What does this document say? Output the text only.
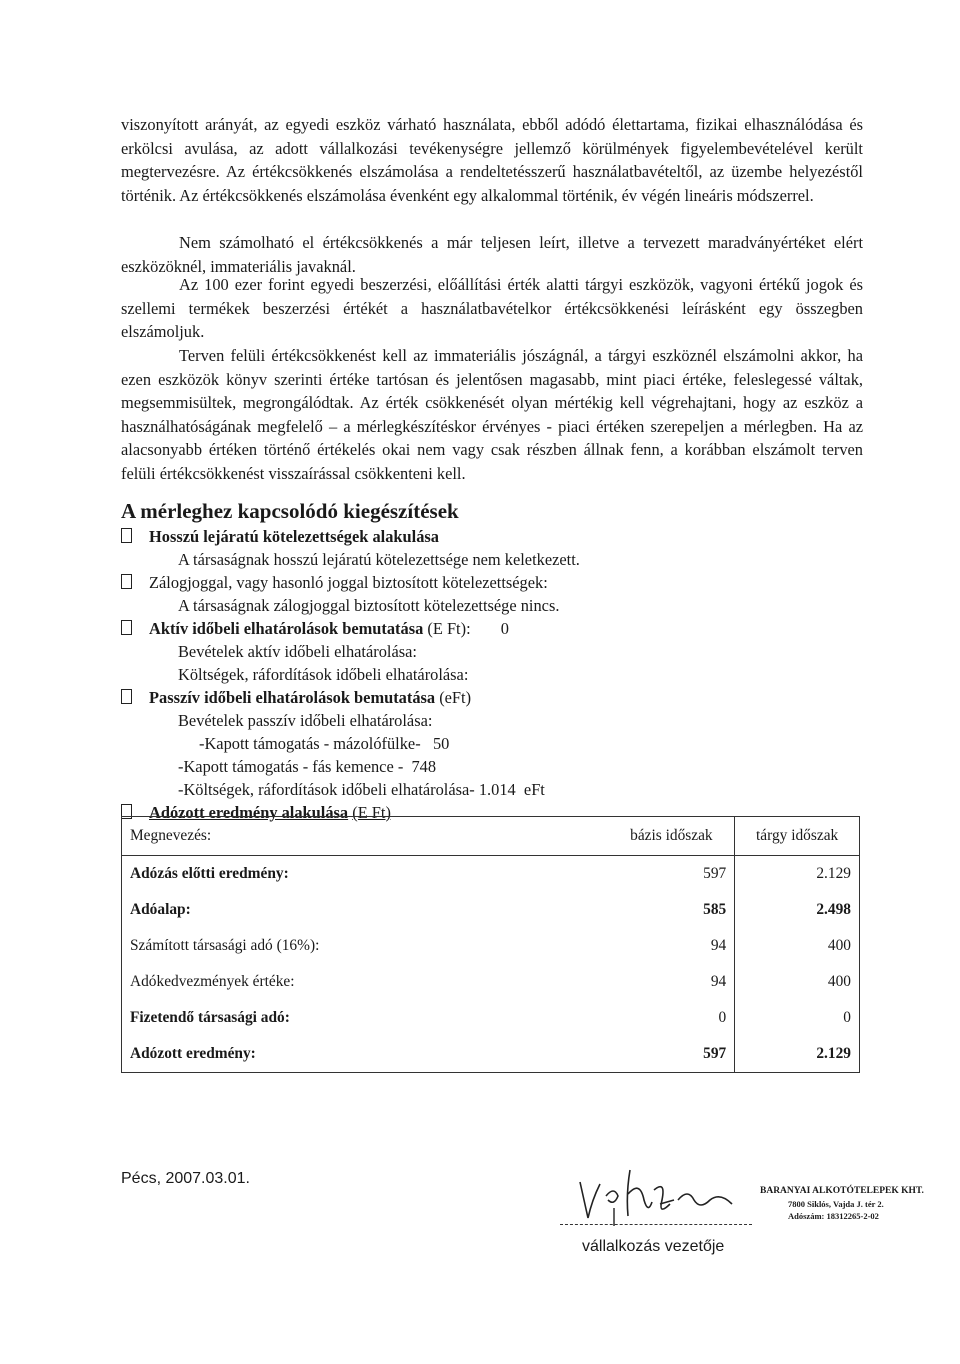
viszonyított arányát, az egyedi eszköz várható használata, ebből adódó élettartama, fizikai elhasználódása és erkölcsi avulása, az adott vállalkozási tevékenységre jellemző körülmények figyelembevételével került megtervezésre. Az értékcsökkenés elszámolása a rendeltetésszerű használatbavételtől, az üzembe helyezéstől történik. Az értékcsökkenés elszámolása évenként egy alkalommal történik, év végén lineáris módszerrel.

Nem számolható el értékcsökkenés a már teljesen leírt, illetve a tervezett maradványértéket elért eszközöknél, immateriális javaknál.

Az 100 ezer forint egyedi beszerzési, előállítási érték alatti tárgyi eszközök, vagyoni értékű jogok és szellemi termékek beszerzési értékét a használatbavételkor értékcsökkenési leírásként egy összegben elszámoljuk.

Terven felüli értékcsökkenést kell az immateriális jószágnál, a tárgyi eszköznél elszámolni akkor, ha ezen eszközök könyv szerinti értéke tartósan és jelentősen magasabb, mint piaci értéke, feleslegessé váltak, megsemmisültek, megrongálódtak. Az érték csökkenését olyan mértékig kell végrehajtani, hogy az eszköz a használhatóságának megfelelő – a mérlegkészítéskor érvényes - piaci értéken szerepeljen a mérlegben. Ha az alacsonyabb értéken történő értékelés okai nem vagy csak részben állnak fenn, a korábban elszámolt terven felüli értékcsökkenést visszaírással csökkenteni kell.

A mérleghez kapcsolódó kiegészítések
Hosszú lejáratú kötelezettségek alakulása
A társaságnak hosszú lejáratú kötelezettsége nem keletkezett.
Zálogjoggal, vagy hasonló joggal biztosított kötelezettségek:
A társaságnak zálogjoggal biztosított kötelezettsége nincs.
Aktív időbeli elhatárolások bemutatása (E Ft): 0
Bevételek aktív időbeli elhatárolása:
Költségek, ráfordítások időbeli elhatárolása:
Passzív időbeli elhatárolások bemutatása (eFt)
Bevételek passzív időbeli elhatárolása:
-Kapott támogatás - mázolófülke-   50
-Kapott támogatás - fás kemence -  748
-Költségek, ráfordítások időbeli elhatárolása- 1.014  eFt
Adózott eredmény alakulása (E Ft)
Megnevezés:	bázis időszak	tárgy időszak
Adózás előtti eredmény:	597	2.129
Adóalap:	585	2.498
Számított társasági adó (16%):	94	400
Adókedvezmények értéke:	94	400
Fizetendő társasági adó:	0	0
Adózott eredmény:	597	2.129
Pécs, 2007.03.01.
vállalkozás vezetője
BARANYAI ALKOTÓTELEPEK KHT.
7800 Siklós, Vajda J. tér 2.
Adószám: 18312265-2-02
